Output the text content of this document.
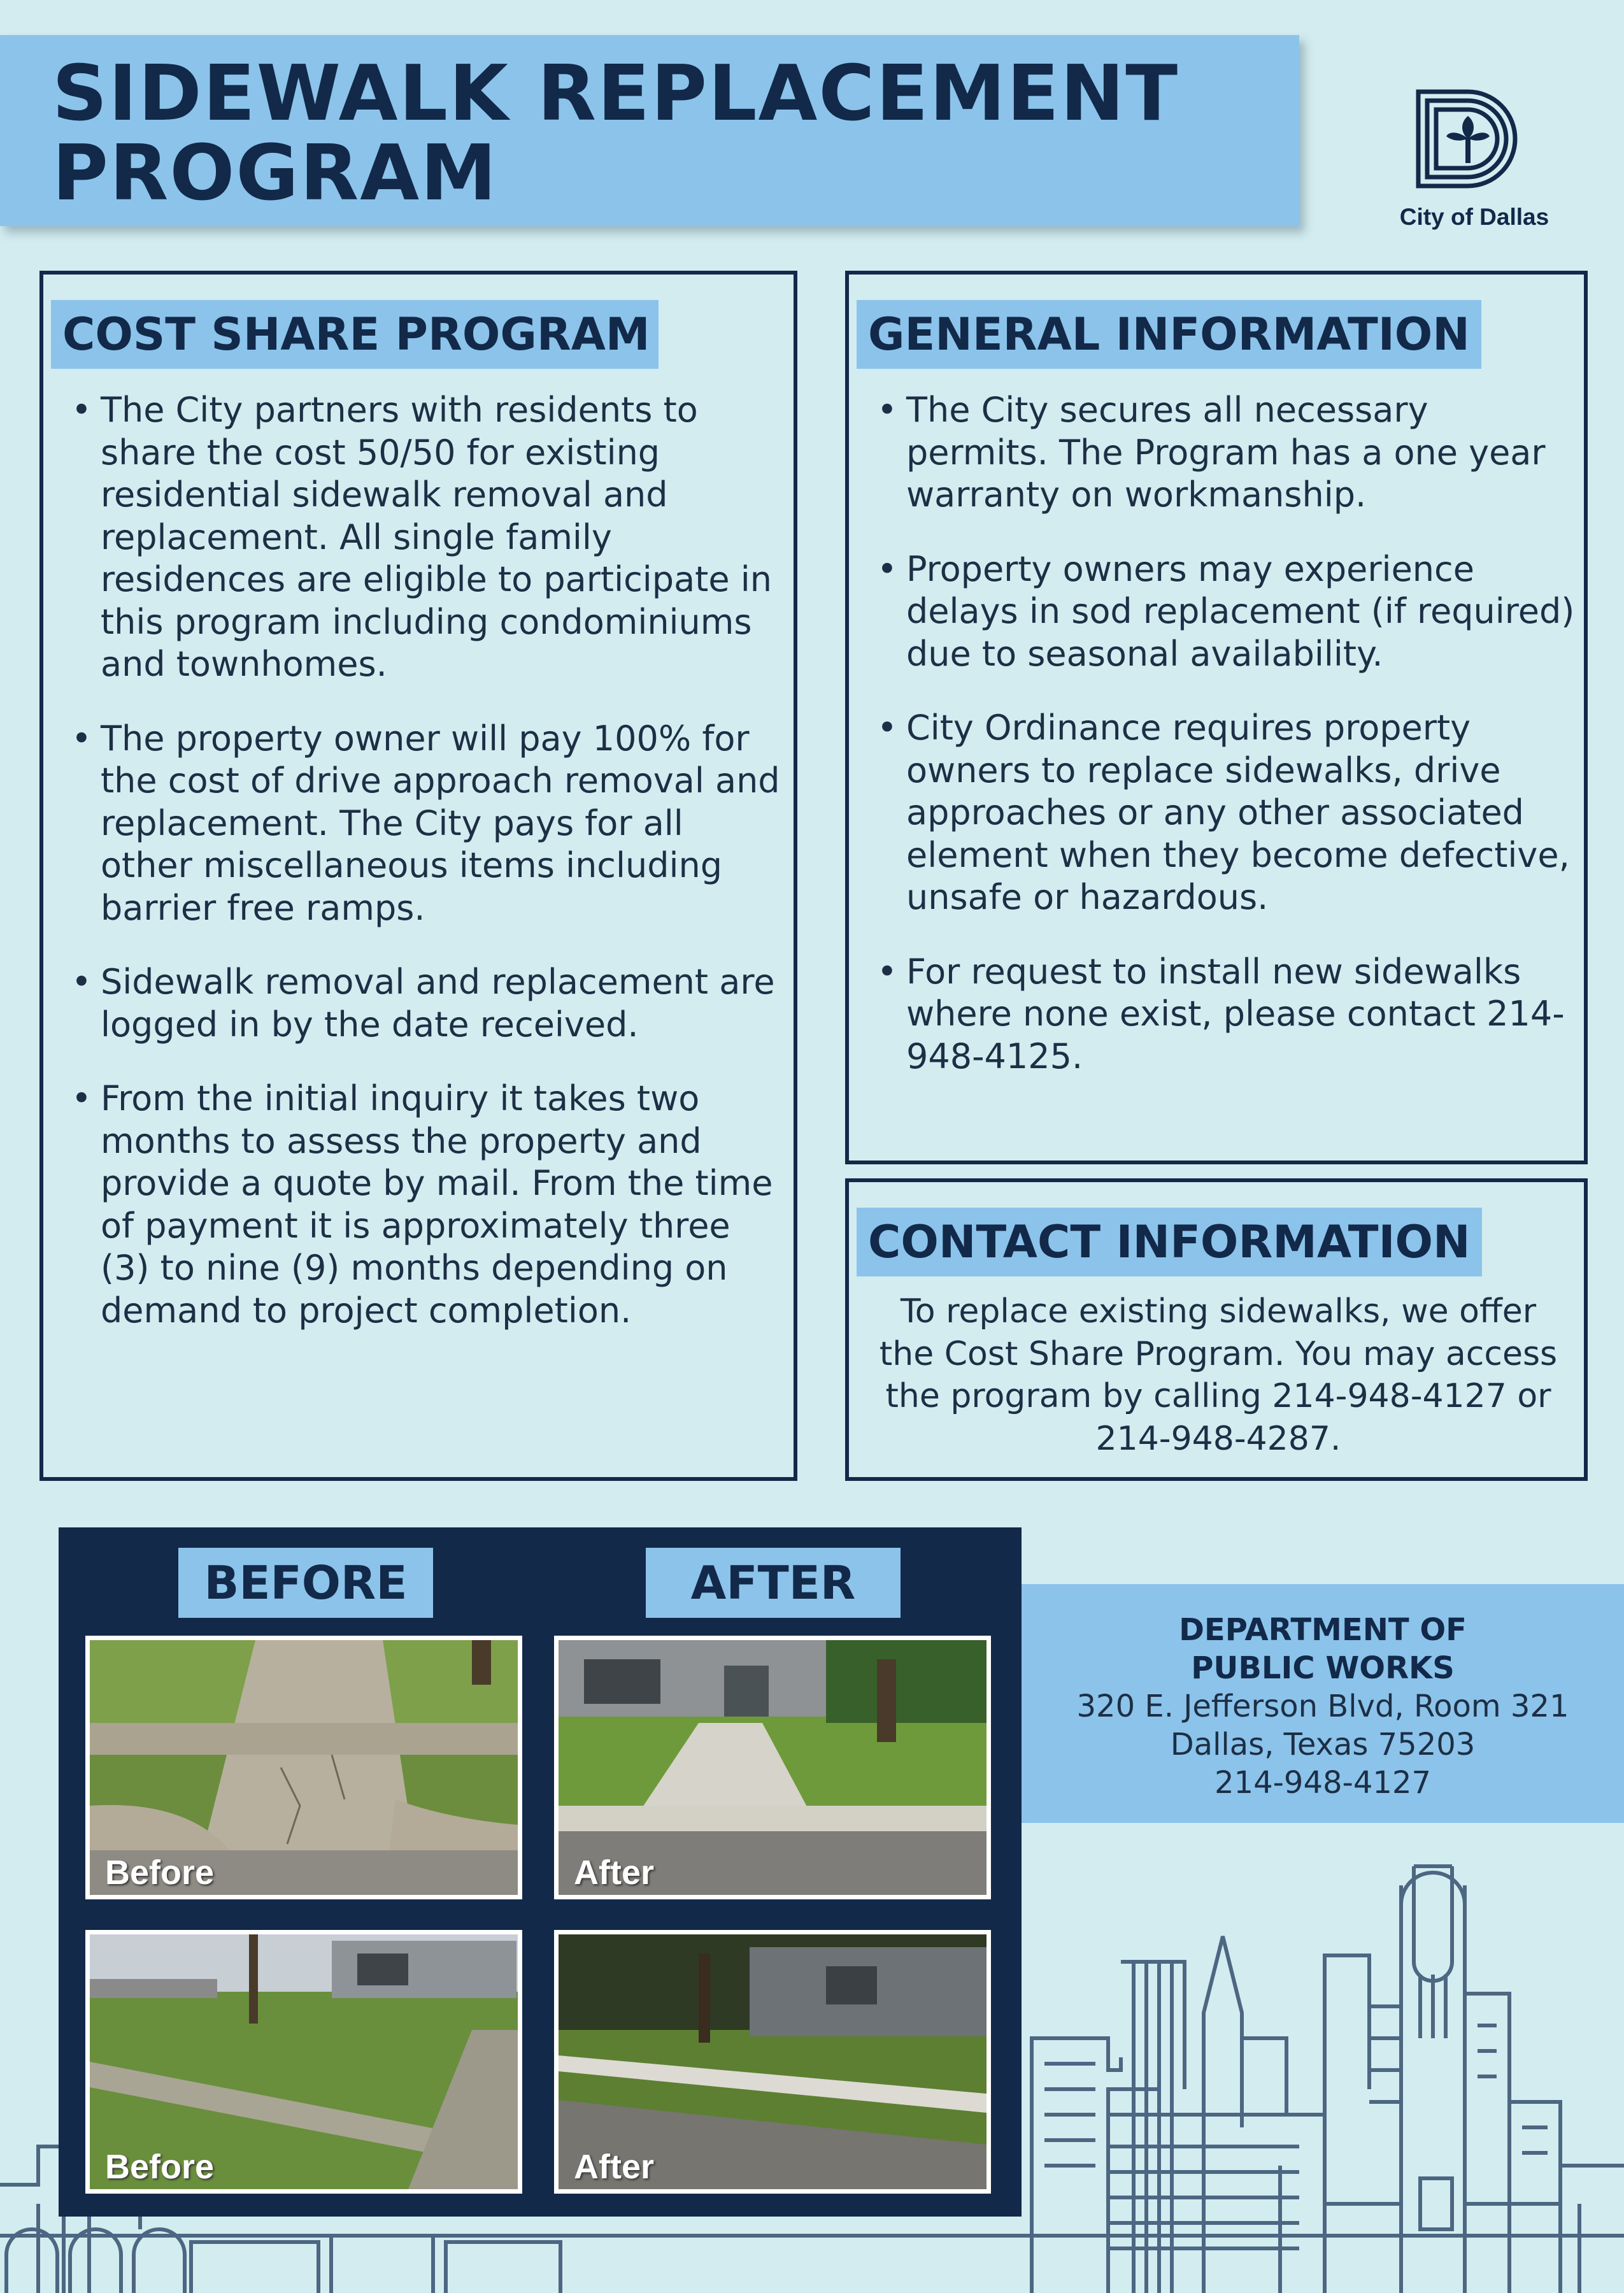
SIDEWALK REPLACEMENT
PROGRAM	City of Dallas
COST SHARE PROGRAM
• The City partners with residents to share the cost 50/50 for existing residential sidewalk removal and replacement. All single family residences are eligible to participate in this program including condominiums and townhomes.
• The property owner will pay 100% for the cost of drive approach removal and replacement. The City pays for all other miscellaneous items including barrier free ramps.
• Sidewalk removal and replacement are logged in by the date received.
• From the initial inquiry it takes two months to assess the property and provide a quote by mail. From the time of payment it is approximately three (3) to nine (9) months depending on demand to project completion.
GENERAL INFORMATION
• The City secures all necessary permits. The Program has a one year warranty on workmanship.
• Property owners may experience delays in sod replacement (if required) due to seasonal availability.
• City Ordinance requires property owners to replace sidewalks, drive approaches or any other associated element when they become defective, unsafe or hazardous.
• For request to install new sidewalks where none exist, please contact 214-948-4125.
CONTACT INFORMATION
To replace existing sidewalks, we offer the Cost Share Program. You may access the program by calling 214-948-4127 or 214-948-4287.
BEFORE	AFTER
Before	After
Before	After
DEPARTMENT OF
PUBLIC WORKS
320 E. Jefferson Blvd, Room 321
Dallas, Texas 75203
214-948-4127
